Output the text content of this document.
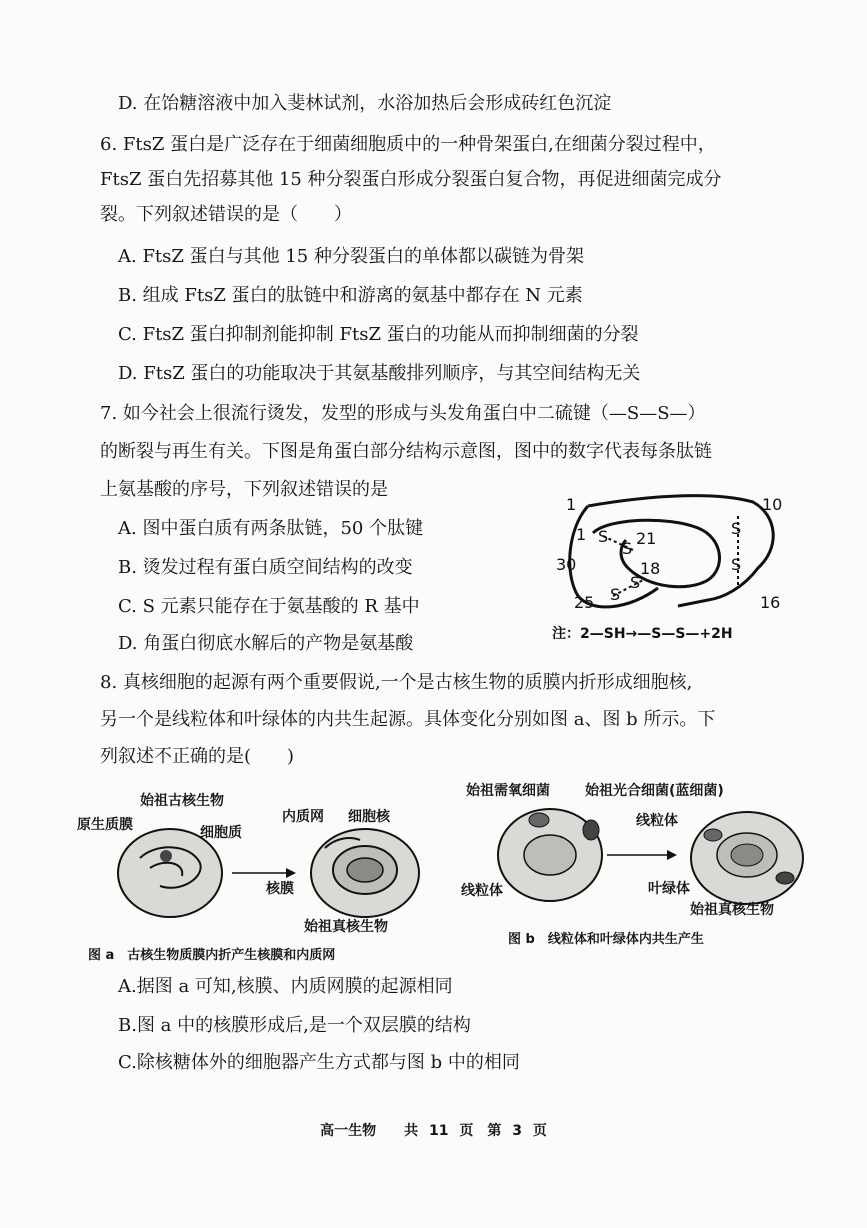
D. 在饴糖溶液中加入斐林试剂，水浴加热后会形成砖红色沉淀
6. FtsZ 蛋白是广泛存在于细菌细胞质中的一种骨架蛋白,在细菌分裂过程中，
FtsZ 蛋白先招募其他 15 种分裂蛋白形成分裂蛋白复合物，再促进细菌完成分
裂。下列叙述错误的是（　　）
A. FtsZ 蛋白与其他 15 种分裂蛋白的单体都以碳链为骨架
B. 组成 FtsZ 蛋白的肽链中和游离的氨基中都存在 N 元素
C. FtsZ 蛋白抑制剂能抑制 FtsZ 蛋白的功能从而抑制细菌的分裂
D. FtsZ 蛋白的功能取决于其氨基酸排列顺序，与其空间结构无关
7. 如今社会上很流行烫发，发型的形成与头发角蛋白中二硫键（—S—S—）
的断裂与再生有关。下图是角蛋白部分结构示意图，图中的数字代表每条肽链
上氨基酸的序号，下列叙述错误的是
A. 图中蛋白质有两条肽链，50 个肽键
B. 烫发过程有蛋白质空间结构的改变
C. S 元素只能存在于氨基酸的 R 基中
D. 角蛋白彻底水解后的产物是氨基酸
1	10
1	21
30	18
25	16
S
S
S
S
S
S
注：2—SH→—S—S—+2H
8. 真核细胞的起源有两个重要假说,一个是古核生物的质膜内折形成细胞核,
另一个是线粒体和叶绿体的内共生起源。具体变化分别如图 a、图 b 所示。下
列叙述不正确的是(　　)
始祖古核生物
原生质膜	细胞质
内质网 细胞核
核膜
始祖真核生物
图 a　古核生物质膜内折产生核膜和内质网
始祖需氧细菌	始祖光合细菌(蓝细菌)
线粒体
线粒体	叶绿体
始祖真核生物
图 b　线粒体和叶绿体内共生产生
A.据图 a 可知,核膜、内质网膜的起源相同
B.图 a 中的核膜形成后,是一个双层膜的结构
C.除核糖体外的细胞器产生方式都与图 b 中的相同
高一生物　　共 11 页　第 3 页
